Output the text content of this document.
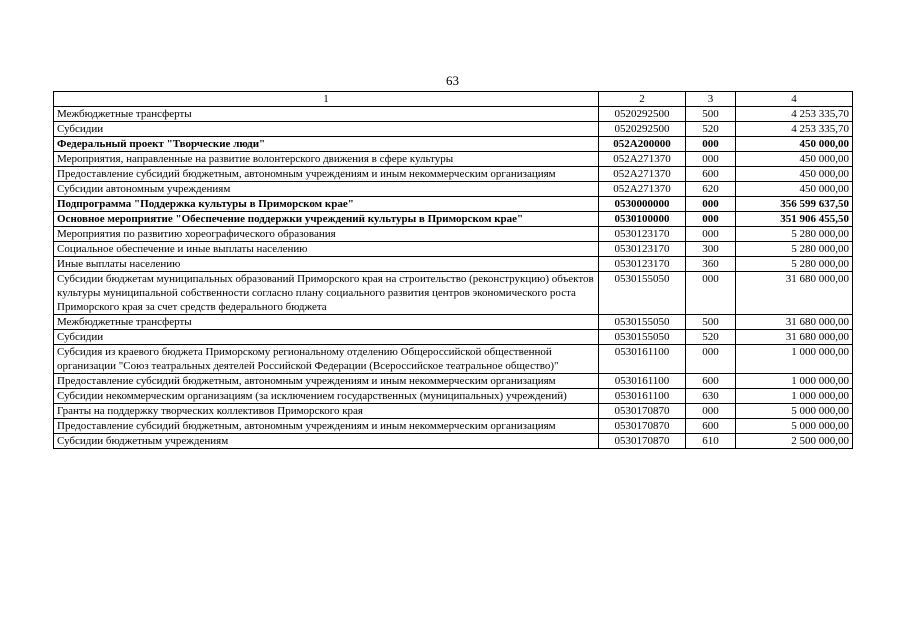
63
1	2	3	4
Межбюджетные трансферты	0520292500	500	4 253 335,70
Субсидии	0520292500	520	4 253 335,70
Федеральный проект "Творческие люди"	052A200000	000	450 000,00
Мероприятия, направленные на развитие волонтерского движения в сфере культуры	052A271370	000	450 000,00
Предоставление субсидий бюджетным, автономным учреждениям и иным некоммерческим организациям	052A271370	600	450 000,00
Субсидии автономным учреждениям	052A271370	620	450 000,00
Подпрограмма "Поддержка культуры в Приморском крае"	0530000000	000	356 599 637,50
Основное мероприятие "Обеспечение поддержки учреждений культуры в Приморском крае"	0530100000	000	351 906 455,50
Мероприятия по развитию хореографического образования	0530123170	000	5 280 000,00
Социальное обеспечение и иные выплаты населению	0530123170	300	5 280 000,00
Иные выплаты населению	0530123170	360	5 280 000,00
Субсидии бюджетам муниципальных образований Приморского края на строительство (реконструкцию) объектов культуры муниципальной собственности согласно плану социального развития центров экономического роста Приморского края за счет средств федерального бюджета	0530155050	000	31 680 000,00
Межбюджетные трансферты	0530155050	500	31 680 000,00
Субсидии	0530155050	520	31 680 000,00
Субсидия из краевого бюджета Приморскому региональному отделению Общероссийской общественной организации "Союз театральных деятелей Российской Федерации (Всероссийское театральное общество)"	0530161100	000	1 000 000,00
Предоставление субсидий бюджетным, автономным учреждениям и иным некоммерческим организациям	0530161100	600	1 000 000,00
Субсидии некоммерческим организациям (за исключением государственных (муниципальных) учреждений)	0530161100	630	1 000 000,00
Гранты на поддержку творческих коллективов Приморского края	0530170870	000	5 000 000,00
Предоставление субсидий бюджетным, автономным учреждениям и иным некоммерческим организациям	0530170870	600	5 000 000,00
Субсидии бюджетным учреждениям	0530170870	610	2 500 000,00
